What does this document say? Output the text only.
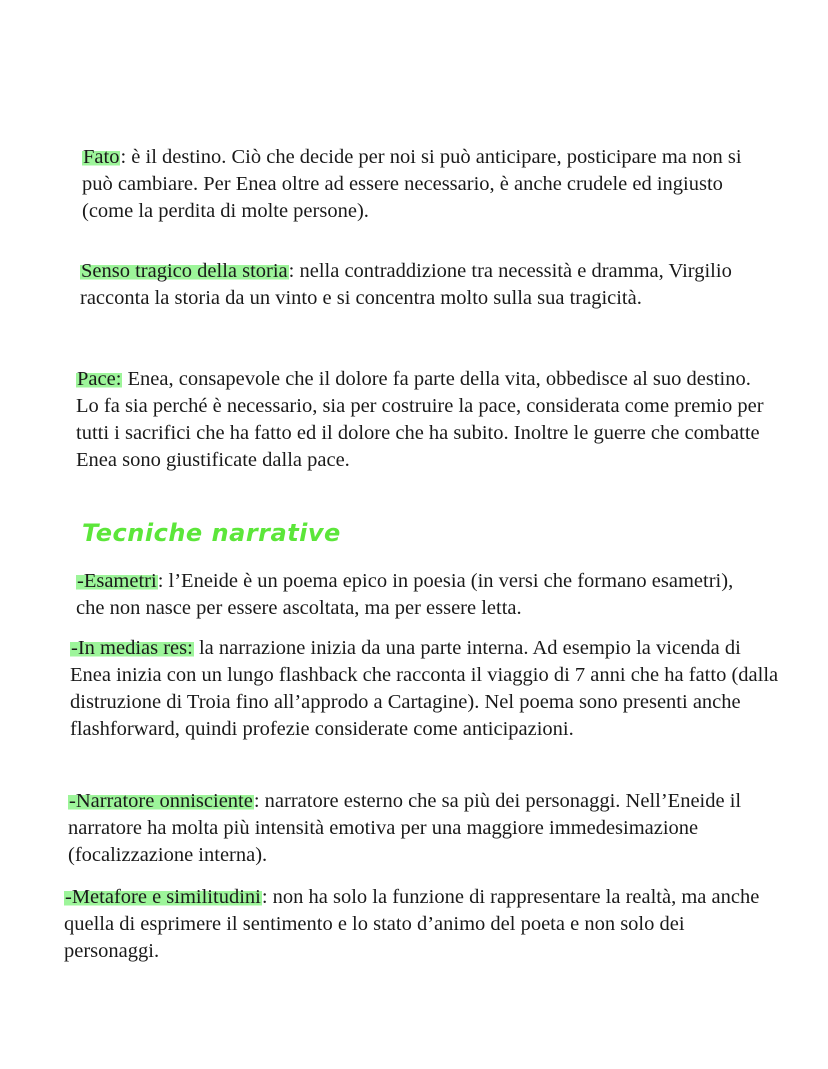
Fato: è il destino. Ciò che decide per noi si può anticipare, posticipare ma non si può cambiare. Per Enea oltre ad essere necessario, è anche crudele ed ingiusto (come la perdita di molte persone).

Senso tragico della storia: nella contraddizione tra necessità e dramma, Virgilio racconta la storia da un vinto e si concentra molto sulla sua tragicità.

Pace: Enea, consapevole che il dolore fa parte della vita, obbedisce al suo destino. Lo fa sia perché è necessario, sia per costruire la pace, considerata come premio per tutti i sacrifici che ha fatto ed il dolore che ha subito. Inoltre le guerre che combatte Enea sono giustificate dalla pace.

Tecniche narrative

-Esametri: l’Eneide è un poema epico in poesia (in versi che formano esametri), che non nasce per essere ascoltata, ma per essere letta.

-In medias res: la narrazione inizia da una parte interna. Ad esempio la vicenda di Enea inizia con un lungo flashback che racconta il viaggio di 7 anni che ha fatto (dalla distruzione di Troia fino all’approdo a Cartagine). Nel poema sono presenti anche flashforward, quindi profezie considerate come anticipazioni.

-Narratore onnisciente: narratore esterno che sa più dei personaggi. Nell’Eneide il narratore ha molta più intensità emotiva per una maggiore immedesimazione (focalizzazione interna).

-Metafore e similitudini: non ha solo la funzione di rappresentare la realtà, ma anche quella di esprimere il sentimento e lo stato d’animo del poeta e non solo dei personaggi.
